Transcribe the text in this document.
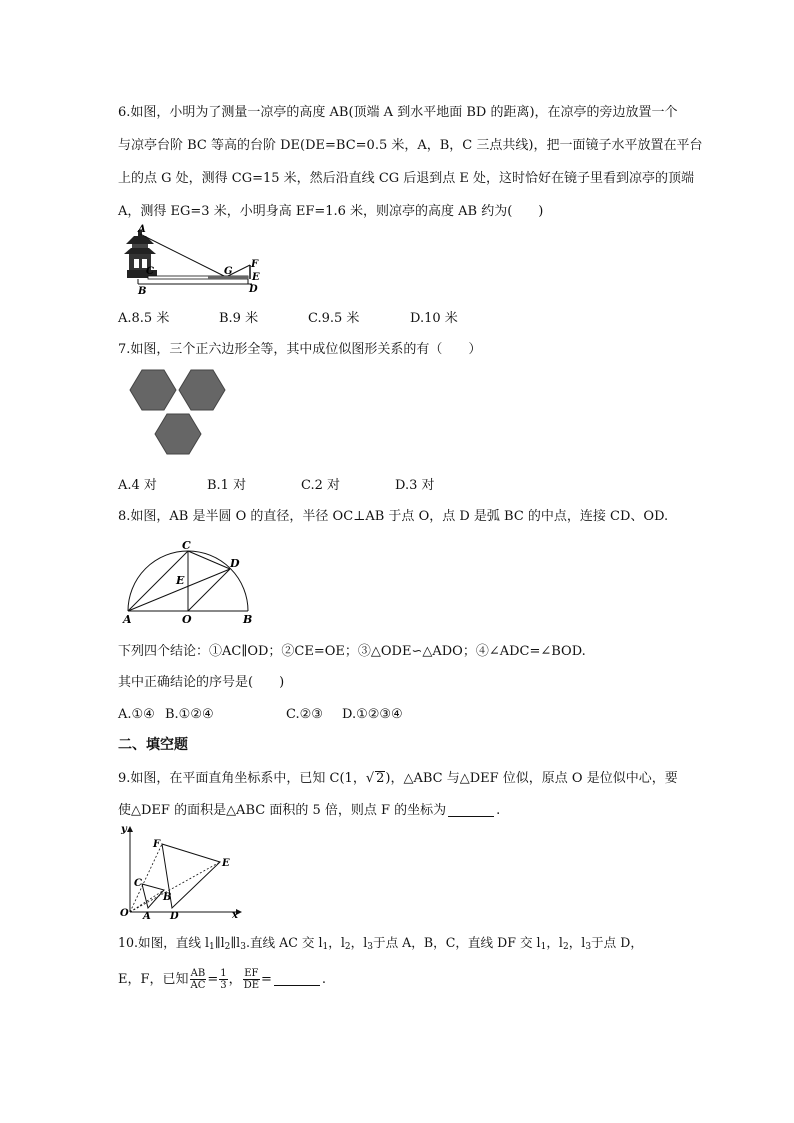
6.如图，小明为了测量一凉亭的高度 AB(顶端 A 到水平地面 BD 的距离)，在凉亭的旁边放置一个
与凉亭台阶 BC 等高的台阶 DE(DE=BC=0.5 米，A，B，C 三点共线)，把一面镜子水平放置在平台
上的点 G 处，测得 CG=15 米，然后沿直线 CG 后退到点 E 处，这时恰好在镜子里看到凉亭的顶端
A，测得 EG=3 米，小明身高 EF=1.6 米，则凉亭的高度 AB 约为(　　)
A
C
B
G
F
E
D
A.8.5 米	B.9 米	C.9.5 米	D.10 米
7.如图，三个正六边形全等，其中成位似图形关系的有（　　）
A.4 对	B.1 对	C.2 对	D.3 对
8.如图，AB 是半圆 O 的直径，半径 OC⊥AB 于点 O，点 D 是弧 BC 的中点，连接 CD、OD.
C
D
E
A	O	B
下列四个结论：①AC∥OD；②CE=OE；③△ODE∽△ADO；④∠ADC=∠BOD.
其中正确结论的序号是(　　)
A.①④ B.①②④	C.②③ D.①②③④
二、填空题
9.如图，在平面直角坐标系中，已知 C(1，√ 2)，△ABC 与△DEF 位似，原点 O 是位似中心，要
使△DEF 的面积是△ABC 面积的 5 倍，则点 F 的坐标为	.
y
F
E
C
B
O A D	x
10.如图，直线 $l_1\parallel l_2\parallel l_3$.直线 AC 交 $l_1$，$l_2$，$l_3$于点 A，B，C，直线 DF 交 $l_1$，$l_2$，$l_3$于点 D，
E，F，已知 $\frac{AB}{AC} = \frac{1}{3}$ ， $\frac{EF}{DE}$ =	.
